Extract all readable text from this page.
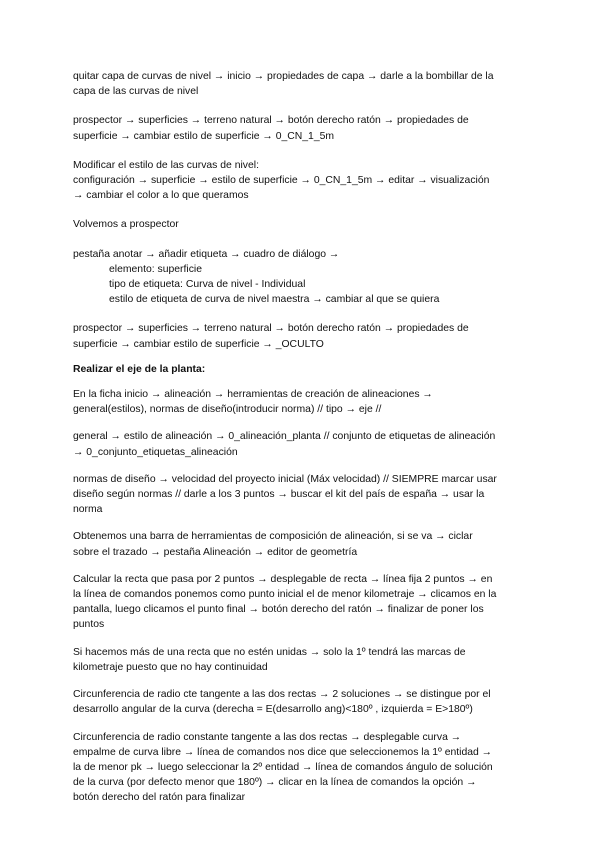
quitar capa de curvas de nivel → inicio → propiedades de capa → darle a la bombillar de la
capa de las curvas de nivel

prospector → superficies → terreno natural → botón derecho ratón → propiedades de
superficie → cambiar estilo de superficie → 0_CN_1_5m

Modificar el estilo de las curvas de nivel:
configuración → superficie → estilo de superficie → 0_CN_1_5m → editar → visualización
→ cambiar el color a lo que queramos

Volvemos a prospector

pestaña anotar → añadir etiqueta → cuadro de diálogo →
elemento: superficie
tipo de etiqueta: Curva de nivel - Individual
estilo de etiqueta de curva de nivel maestra → cambiar al que se quiera

prospector → superficies → terreno natural → botón derecho ratón → propiedades de
superficie → cambiar estilo de superficie → _OCULTO

Realizar el eje de la planta:

En la ficha inicio → alineación → herramientas de creación de alineaciones →
general(estilos), normas de diseño(introducir norma) // tipo → eje //

general → estilo de alineación → 0_alineación_planta // conjunto de etiquetas de alineación
→ 0_conjunto_etiquetas_alineación

normas de diseño → velocidad del proyecto inicial (Máx velocidad) // SIEMPRE marcar usar
diseño según normas // darle a los 3 puntos → buscar el kit del país de españa → usar la
norma

Obtenemos una barra de herramientas de composición de alineación, si se va → ciclar
sobre el trazado → pestaña Alineación → editor de geometría

Calcular la recta que pasa por 2 puntos → desplegable de recta → línea fija 2 puntos → en
la línea de comandos ponemos como punto inicial el de menor kilometraje → clicamos en la
pantalla, luego clicamos el punto final → botón derecho del ratón → finalizar de poner los
puntos

Si hacemos más de una recta que no estén unidas → solo la 1º tendrá las marcas de
kilometraje puesto que no hay continuidad

Circunferencia de radio cte tangente a las dos rectas → 2 soluciones → se distingue por el
desarrollo angular de la curva (derecha = E(desarrollo ang)<180º , izquierda = E>180º)

Circunferencia de radio constante tangente a las dos rectas → desplegable curva →
empalme de curva libre → línea de comandos nos dice que seleccionemos la 1º entidad →
la de menor pk → luego seleccionar la 2º entidad → línea de comandos ángulo de solución
de la curva (por defecto menor que 180º) → clicar en la línea de comandos la opción →
botón derecho del ratón para finalizar
